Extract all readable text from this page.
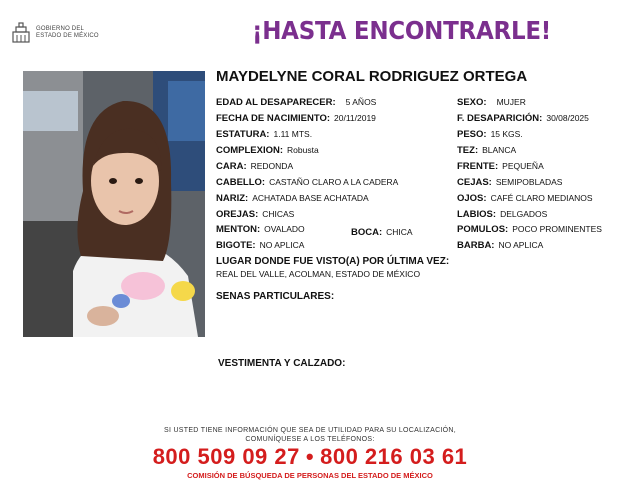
GOBIERNO DEL
ESTADO DE MÉXICO	¡HASTA ENCONTRARLE!
MAYDELYNE CORAL RODRIGUEZ ORTEGA
EDAD AL DESAPARECER: 5 AÑOS
FECHA DE NACIMIENTO: 20/11/2019
ESTATURA: 1.11 MTS.
COMPLEXION: Robusta
CARA: REDONDA
CABELLO: CASTAÑO CLARO A LA CADERA
NARIZ: ACHATADA BASE ACHATADA
OREJAS: CHICAS
MENTON: OVALADO	BOCA: CHICA
BIGOTE: NO APLICA
SEXO: MUJER
F. DESAPARICIÓN: 30/08/2025
PESO: 15 KGS.
TEZ: BLANCA
FRENTE: PEQUEÑA
CEJAS: SEMIPOBLADAS
OJOS: CAFÉ CLARO MEDIANOS
LABIOS: DELGADOS
POMULOS: POCO PROMINENTES
BARBA: NO APLICA
LUGAR DONDE FUE VISTO(A) POR ÚLTIMA VEZ:
REAL DEL VALLE, ACOLMAN, ESTADO DE MÉXICO
SENAS PARTICULARES:
VESTIMENTA Y CALZADO:
SI USTED TIENE INFORMACIÓN QUE SEA DE UTILIDAD PARA SU LOCALIZACIÓN,
COMUNÍQUESE A LOS TELÉFONOS:
800 509 09 27 • 800 216 03 61
COMISIÓN DE BÚSQUEDA DE PERSONAS DEL ESTADO DE MÉXICO
